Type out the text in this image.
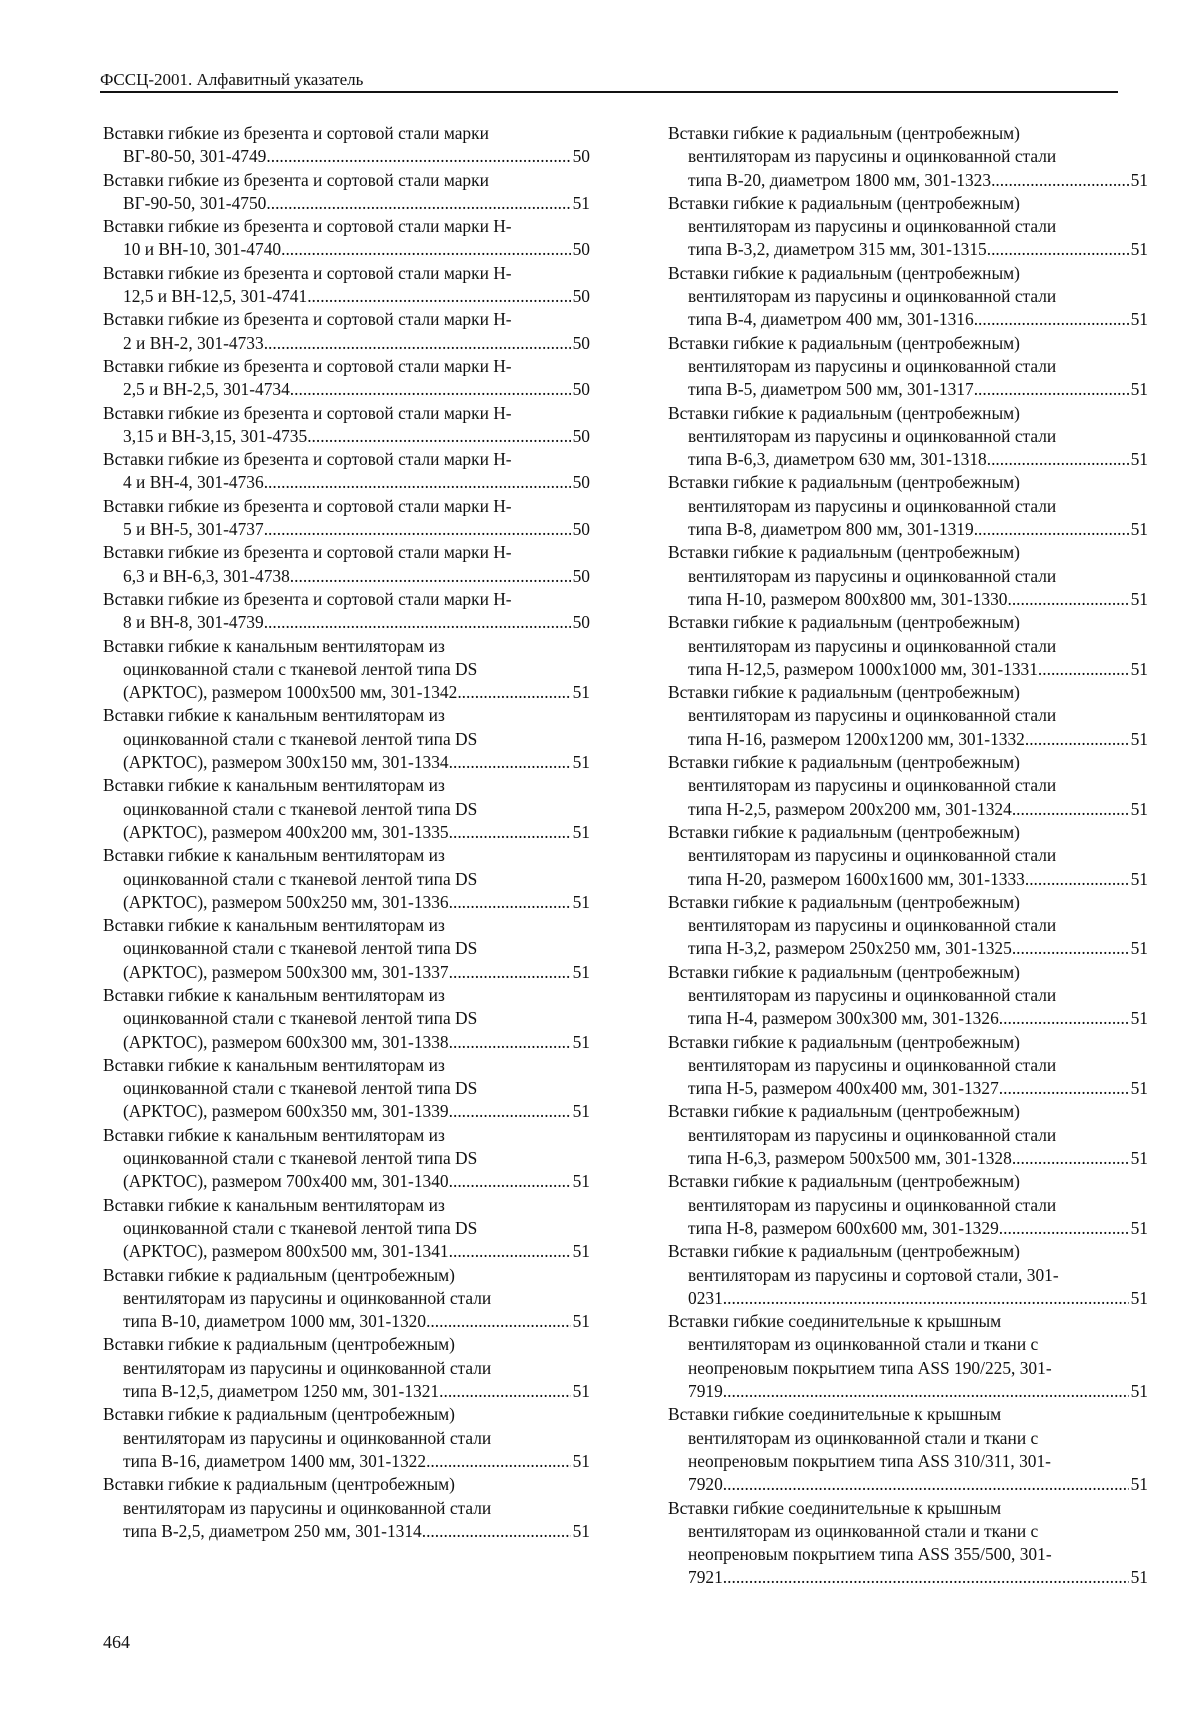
ФССЦ-2001. Алфавитный указатель
Вставки гибкие из брезента и сортовой стали марки
ВГ-80-50, 301-4749 .....	50
Вставки гибкие из брезента и сортовой стали марки
ВГ-90-50, 301-4750 .....	51
Вставки гибкие из брезента и сортовой стали марки Н-
10 и ВН-10, 301-4740 .....	50
Вставки гибкие из брезента и сортовой стали марки Н-
12,5 и ВН-12,5, 301-4741 .....	50
Вставки гибкие из брезента и сортовой стали марки Н-
2 и ВН-2, 301-4733 .....	50
Вставки гибкие из брезента и сортовой стали марки Н-
2,5 и ВН-2,5, 301-4734 .....	50
Вставки гибкие из брезента и сортовой стали марки Н-
3,15 и ВН-3,15, 301-4735 .....	50
Вставки гибкие из брезента и сортовой стали марки Н-
4 и ВН-4, 301-4736 .....	50
Вставки гибкие из брезента и сортовой стали марки Н-
5 и ВН-5, 301-4737 .....	50
Вставки гибкие из брезента и сортовой стали марки Н-
6,3 и ВН-6,3, 301-4738 .....	50
Вставки гибкие из брезента и сортовой стали марки Н-
8 и ВН-8, 301-4739 .....	50
Вставки гибкие к канальным вентиляторам из
оцинкованной стали с тканевой лентой типа DS
(АРКТОС), размером 1000х500 мм, 301-1342 .....	51
Вставки гибкие к канальным вентиляторам из
оцинкованной стали с тканевой лентой типа DS
(АРКТОС), размером 300х150 мм, 301-1334 .....	51
Вставки гибкие к канальным вентиляторам из
оцинкованной стали с тканевой лентой типа DS
(АРКТОС), размером 400х200 мм, 301-1335 .....	51
Вставки гибкие к канальным вентиляторам из
оцинкованной стали с тканевой лентой типа DS
(АРКТОС), размером 500х250 мм, 301-1336 .....	51
Вставки гибкие к канальным вентиляторам из
оцинкованной стали с тканевой лентой типа DS
(АРКТОС), размером 500х300 мм, 301-1337 .....	51
Вставки гибкие к канальным вентиляторам из
оцинкованной стали с тканевой лентой типа DS
(АРКТОС), размером 600х300 мм, 301-1338 .....	51
Вставки гибкие к канальным вентиляторам из
оцинкованной стали с тканевой лентой типа DS
(АРКТОС), размером 600х350 мм, 301-1339 .....	51
Вставки гибкие к канальным вентиляторам из
оцинкованной стали с тканевой лентой типа DS
(АРКТОС), размером 700х400 мм, 301-1340 .....	51
Вставки гибкие к канальным вентиляторам из
оцинкованной стали с тканевой лентой типа DS
(АРКТОС), размером 800х500 мм, 301-1341 .....	51
Вставки гибкие к радиальным (центробежным)
вентиляторам из парусины и оцинкованной стали
типа В-10, диаметром 1000 мм, 301-1320 .....	51
Вставки гибкие к радиальным (центробежным)
вентиляторам из парусины и оцинкованной стали
типа В-12,5, диаметром 1250 мм, 301-1321 .....	51
Вставки гибкие к радиальным (центробежным)
вентиляторам из парусины и оцинкованной стали
типа В-16, диаметром 1400 мм, 301-1322 .....	51
Вставки гибкие к радиальным (центробежным)
вентиляторам из парусины и оцинкованной стали
типа В-2,5, диаметром 250 мм, 301-1314 .....	51
Вставки гибкие к радиальным (центробежным)
вентиляторам из парусины и оцинкованной стали
типа В-20, диаметром 1800 мм, 301-1323 .....	51
Вставки гибкие к радиальным (центробежным)
вентиляторам из парусины и оцинкованной стали
типа В-3,2, диаметром 315 мм, 301-1315 .....	51
Вставки гибкие к радиальным (центробежным)
вентиляторам из парусины и оцинкованной стали
типа В-4, диаметром 400 мм, 301-1316 .....	51
Вставки гибкие к радиальным (центробежным)
вентиляторам из парусины и оцинкованной стали
типа В-5, диаметром 500 мм, 301-1317 .....	51
Вставки гибкие к радиальным (центробежным)
вентиляторам из парусины и оцинкованной стали
типа В-6,3, диаметром 630 мм, 301-1318 .....	51
Вставки гибкие к радиальным (центробежным)
вентиляторам из парусины и оцинкованной стали
типа В-8, диаметром 800 мм, 301-1319 .....	51
Вставки гибкие к радиальным (центробежным)
вентиляторам из парусины и оцинкованной стали
типа Н-10, размером 800х800 мм, 301-1330 .....	51
Вставки гибкие к радиальным (центробежным)
вентиляторам из парусины и оцинкованной стали
типа Н-12,5, размером 1000х1000 мм, 301-1331 .....	51
Вставки гибкие к радиальным (центробежным)
вентиляторам из парусины и оцинкованной стали
типа Н-16, размером 1200х1200 мм, 301-1332 .....	51
Вставки гибкие к радиальным (центробежным)
вентиляторам из парусины и оцинкованной стали
типа Н-2,5, размером 200х200 мм, 301-1324 .....	51
Вставки гибкие к радиальным (центробежным)
вентиляторам из парусины и оцинкованной стали
типа Н-20, размером 1600х1600 мм, 301-1333 .....	51
Вставки гибкие к радиальным (центробежным)
вентиляторам из парусины и оцинкованной стали
типа Н-3,2, размером 250х250 мм, 301-1325 .....	51
Вставки гибкие к радиальным (центробежным)
вентиляторам из парусины и оцинкованной стали
типа Н-4, размером 300х300 мм, 301-1326 .....	51
Вставки гибкие к радиальным (центробежным)
вентиляторам из парусины и оцинкованной стали
типа Н-5, размером 400х400 мм, 301-1327 .....	51
Вставки гибкие к радиальным (центробежным)
вентиляторам из парусины и оцинкованной стали
типа Н-6,3, размером 500х500 мм, 301-1328 .....	51
Вставки гибкие к радиальным (центробежным)
вентиляторам из парусины и оцинкованной стали
типа Н-8, размером 600х600 мм, 301-1329 .....	51
Вставки гибкие к радиальным (центробежным)
вентиляторам из парусины и сортовой стали, 301-
0231 .....	51
Вставки гибкие соединительные к крышным
вентиляторам из оцинкованной стали и ткани с
неопреновым покрытием типа ASS 190/225, 301-
7919 .....	51
Вставки гибкие соединительные к крышным
вентиляторам из оцинкованной стали и ткани с
неопреновым покрытием типа ASS 310/311, 301-
7920 .....	51
Вставки гибкие соединительные к крышным
вентиляторам из оцинкованной стали и ткани с
неопреновым покрытием типа ASS 355/500, 301-
7921 .....	51
464
